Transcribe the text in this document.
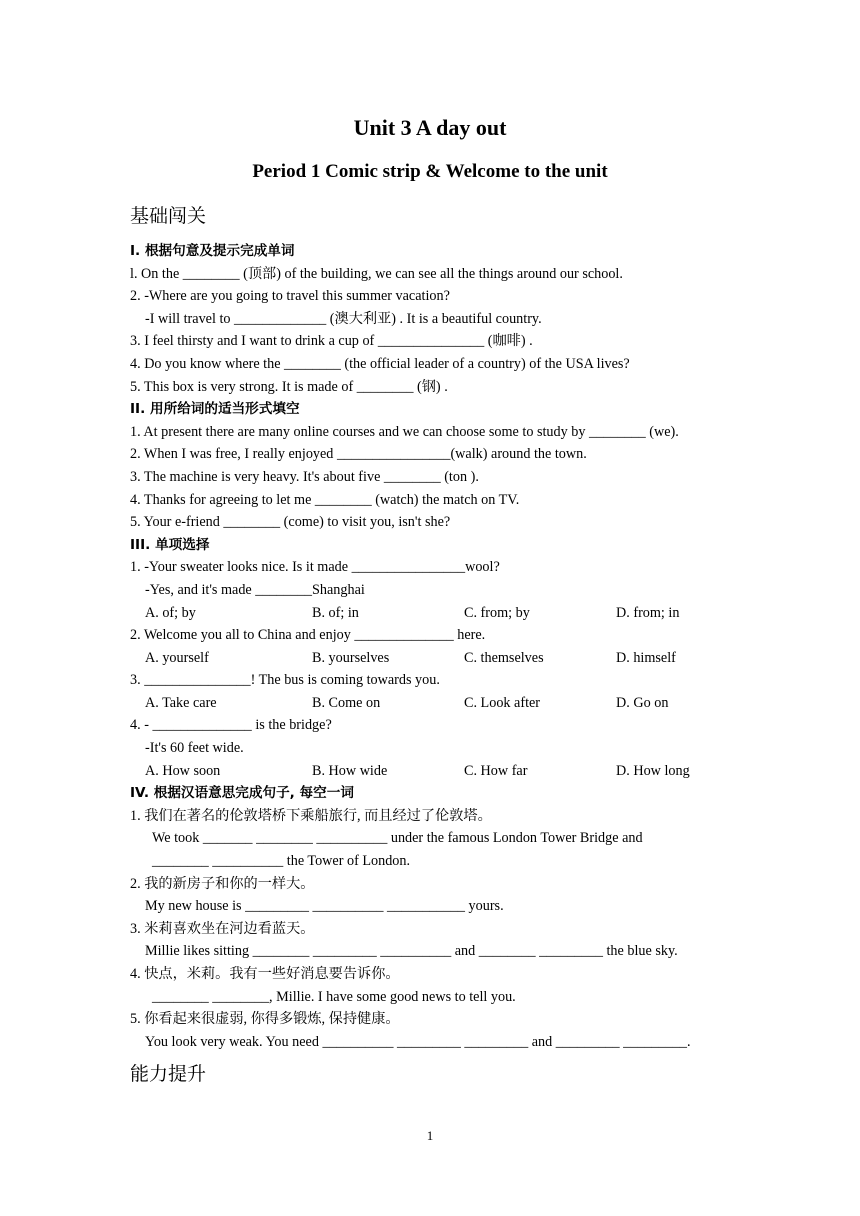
Unit 3 A day out
Period 1 Comic strip & Welcome to the unit
基础闯关
I. 根据句意及提示完成单词
l. On the ________ (顶部) of the building, we can see all the things around our school.
2. -Where are you going to travel this summer vacation?
-I will travel to _____________ (澳大利亚) . It is a beautiful country.
3. I feel thirsty and I want to drink a cup of _______________ (咖啡) .
4. Do you know where the ________ (the official leader of a country) of the USA lives?
5. This box is very strong. It is made of ________ (钢) .
II. 用所给词的适当形式填空
1. At present there are many online courses and we can choose some to study by ________ (we).
2. When I was free, I really enjoyed ________________(walk) around the town.
3. The machine is very heavy. It's about five ________ (ton ).
4. Thanks for agreeing to let me ________ (watch) the match on TV.
5. Your e-friend ________ (come) to visit you, isn't she?
III. 单项选择
1. -Your sweater looks nice. Is it made ________________wool?
-Yes, and it's made ________Shanghai
A. of; by	B. of; in	C. from; by	D. from; in
2. Welcome you all to China and enjoy ______________ here.
A. yourself	B. yourselves	C. themselves	D. himself
3. _______________! The bus is coming towards you.
A. Take care	B. Come on	C. Look after	D. Go on
4. - ______________ is the bridge?
-It's 60 feet wide.
A. How soon	B. How wide	C. How far	D. How long
IV. 根据汉语意思完成句子, 每空一词
1. 我们在著名的伦敦塔桥下乘船旅行, 而且经过了伦敦塔。
We took _______ ________ __________ under the famous London Tower Bridge and
________ __________ the Tower of London.
2. 我的新房子和你的一样大。
My new house is _________ __________ ___________ yours.
3. 米莉喜欢坐在河边看蓝天。
Millie likes sitting ________ _________ __________ and ________ _________ the blue sky.
4. 快点，米莉。我有一些好消息要告诉你。
________ ________, Millie. I have some good news to tell you.
5. 你看起来很虚弱, 你得多锻炼, 保持健康。
You look very weak. You need __________ _________ _________ and _________ _________.
能力提升
1
